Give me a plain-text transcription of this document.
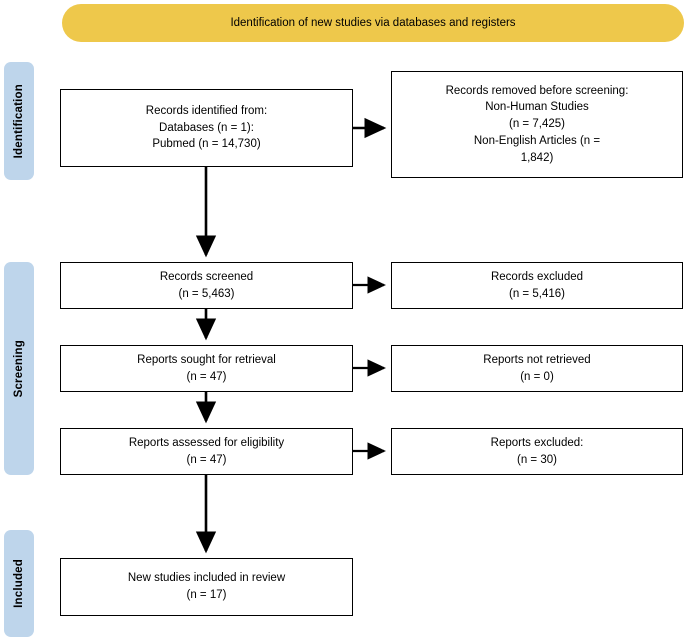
Identification of new studies via databases and registers
Identification
Screening
Included
Records identified from:
Databases (n = 1):
Pubmed (n = 14,730)
Records removed before screening:
Non-Human Studies
(n = 7,425)
Non-English Articles (n =
1,842)
Records screened
(n = 5,463)
Records excluded
(n = 5,416)
Reports sought for retrieval
(n = 47)
Reports not retrieved
(n = 0)
Reports assessed for eligibility
(n = 47)
Reports excluded:
(n = 30)
New studies included in review
(n = 17)
